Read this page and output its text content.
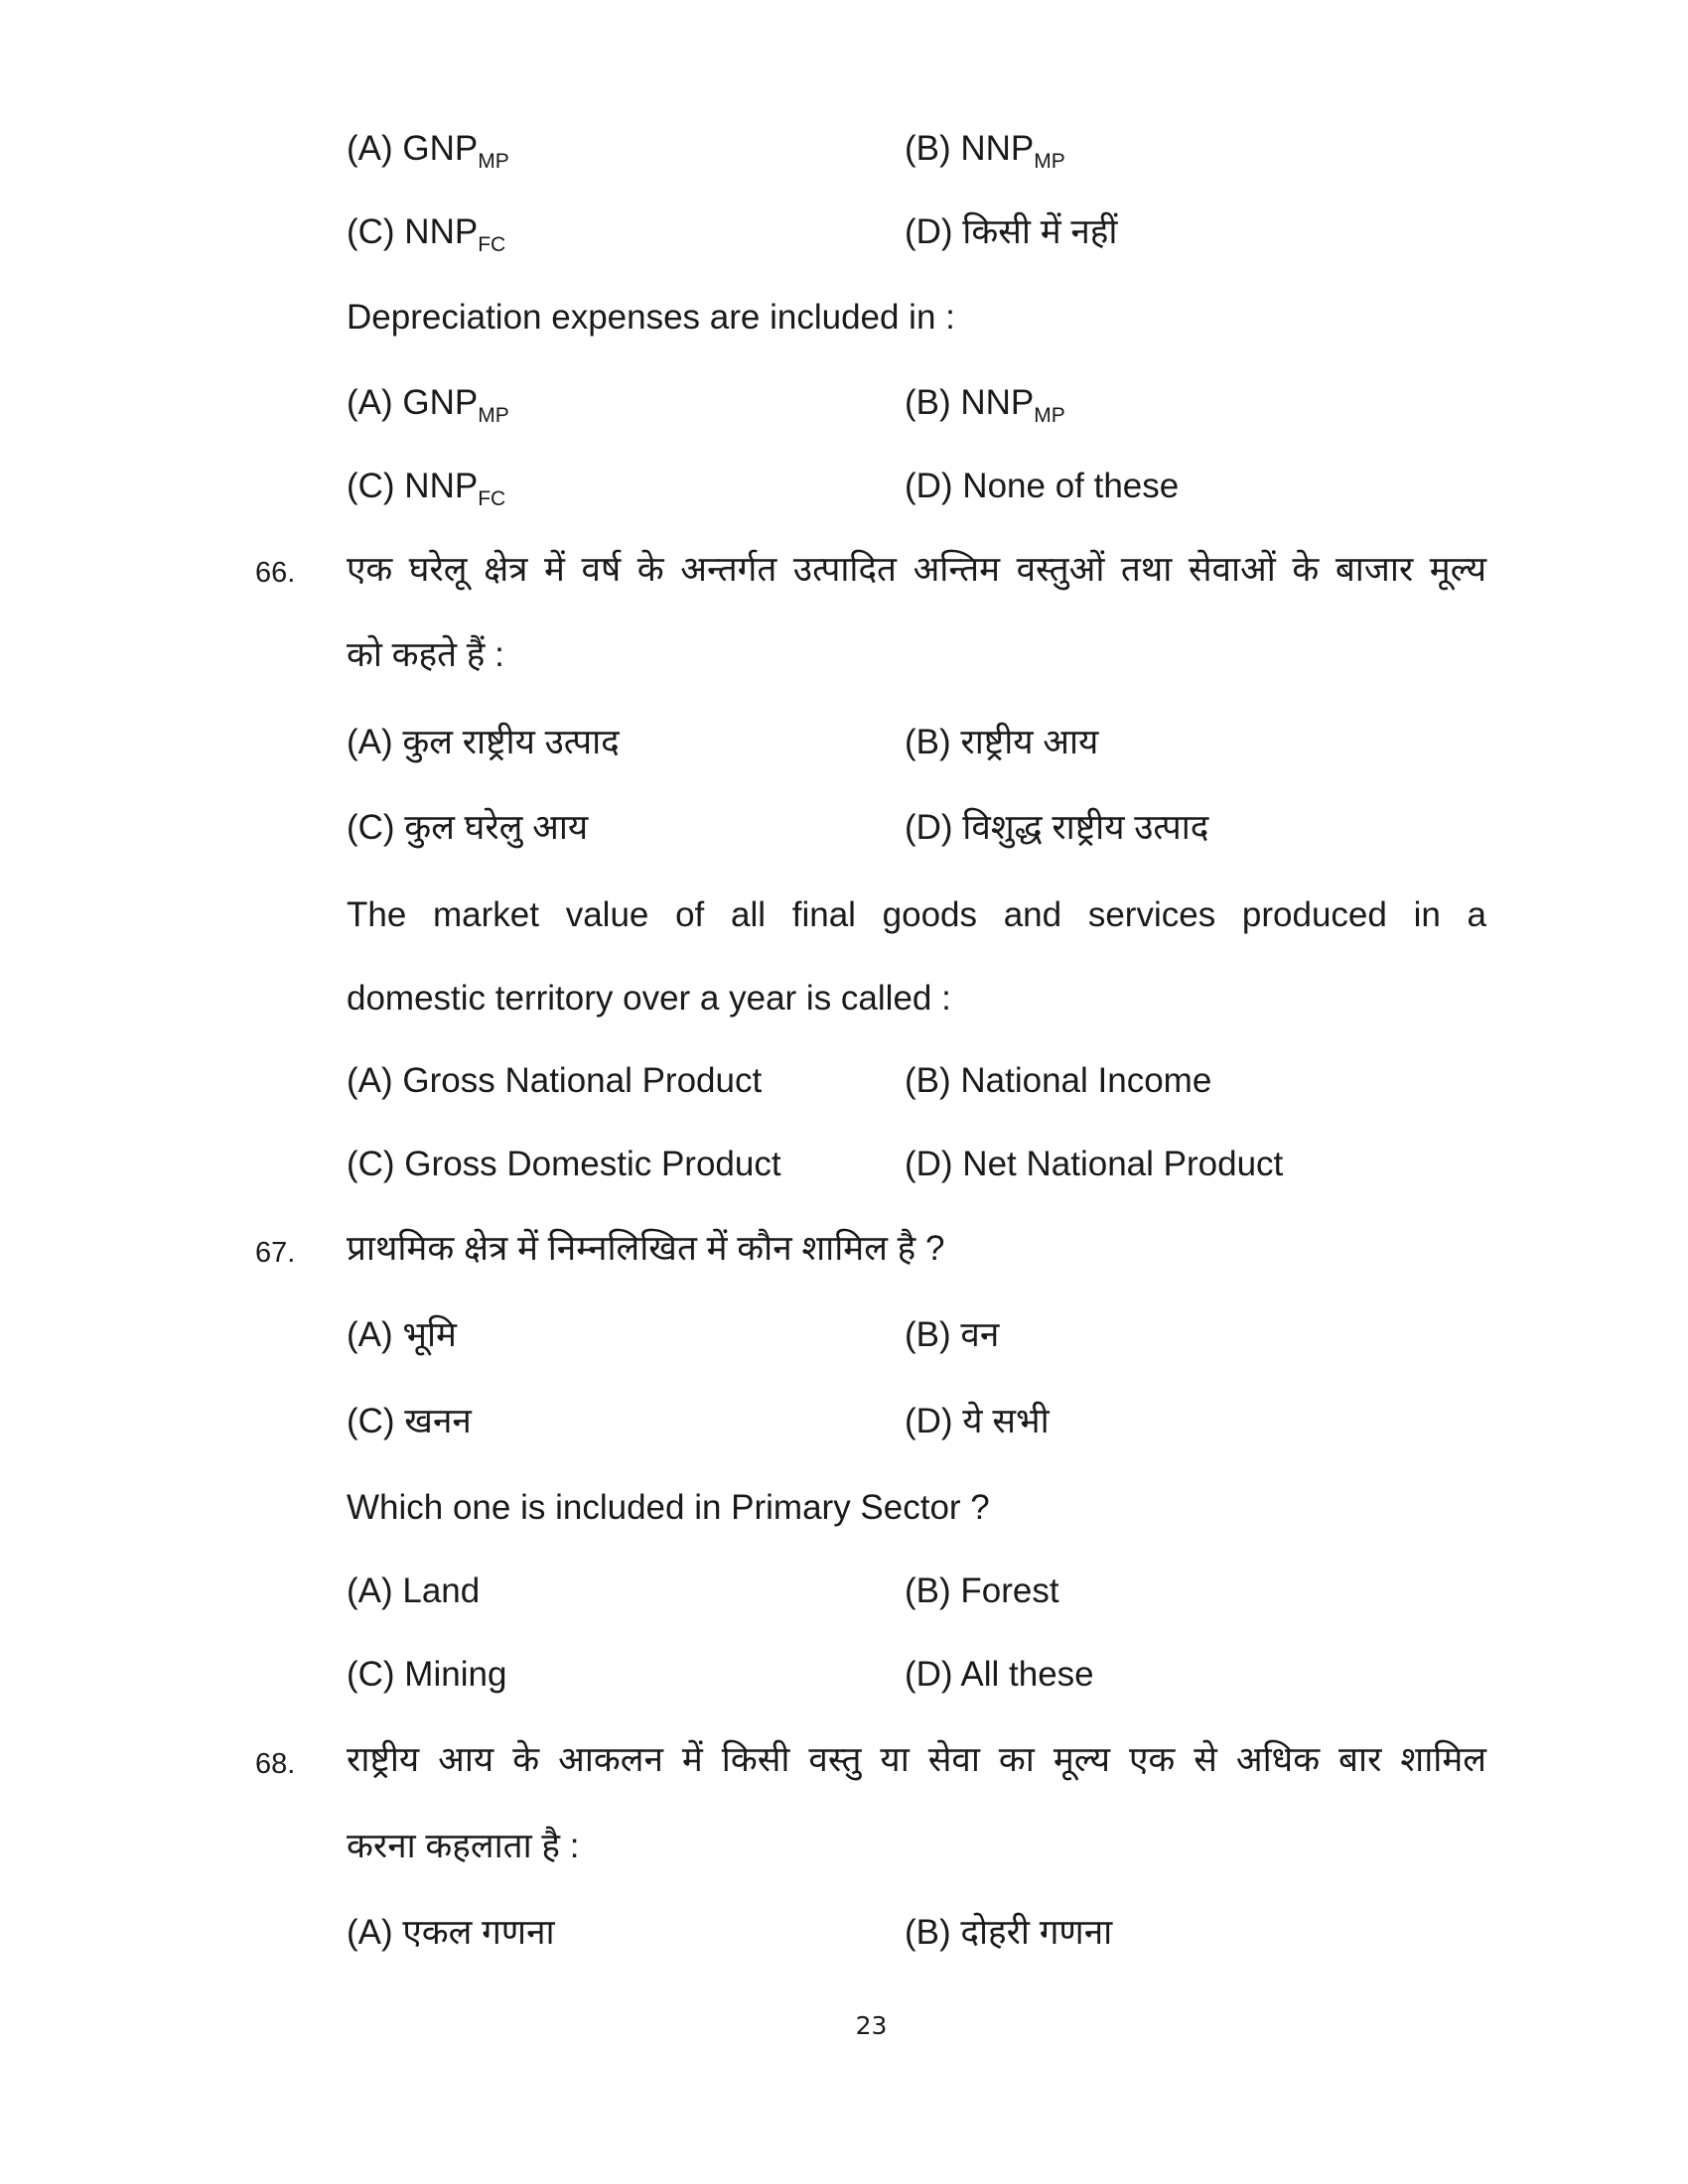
(A) $GNP_{MP}$	(B) $NNP_{MP}$
(C) $NNP_{FC}$	(D) किसी में नहीं
Depreciation expenses are included in :
(A) $GNP_{MP}$	(B) $NNP_{MP}$
(C) $NNP_{FC}$	(D) None of these
66. एक घरेलू क्षेत्र में वर्ष के अन्तर्गत उत्पादित अन्तिम वस्तुओं तथा सेवाओं के बाजार मूल्य
को कहते हैं :
(A) कुल राष्ट्रीय उत्पाद	(B) राष्ट्रीय आय
(C) कुल घरेलु आय	(D) विशुद्ध राष्ट्रीय उत्पाद
The market value of all final goods and services produced in a
domestic territory over a year is called :
(A) Gross National Product	(B) National Income
(C) Gross Domestic Product	(D) Net National Product
67. प्राथमिक क्षेत्र में निम्नलिखित में कौन शामिल है ?
(A) भूमि	(B) वन
(C) खनन	(D) ये सभी
Which one is included in Primary Sector ?
(A) Land	(B) Forest
(C) Mining	(D) All these
68. राष्ट्रीय आय के आकलन में किसी वस्तु या सेवा का मूल्य एक से अधिक बार शामिल
करना कहलाता है :
(A) एकल गणना	(B) दोहरी गणना
23
